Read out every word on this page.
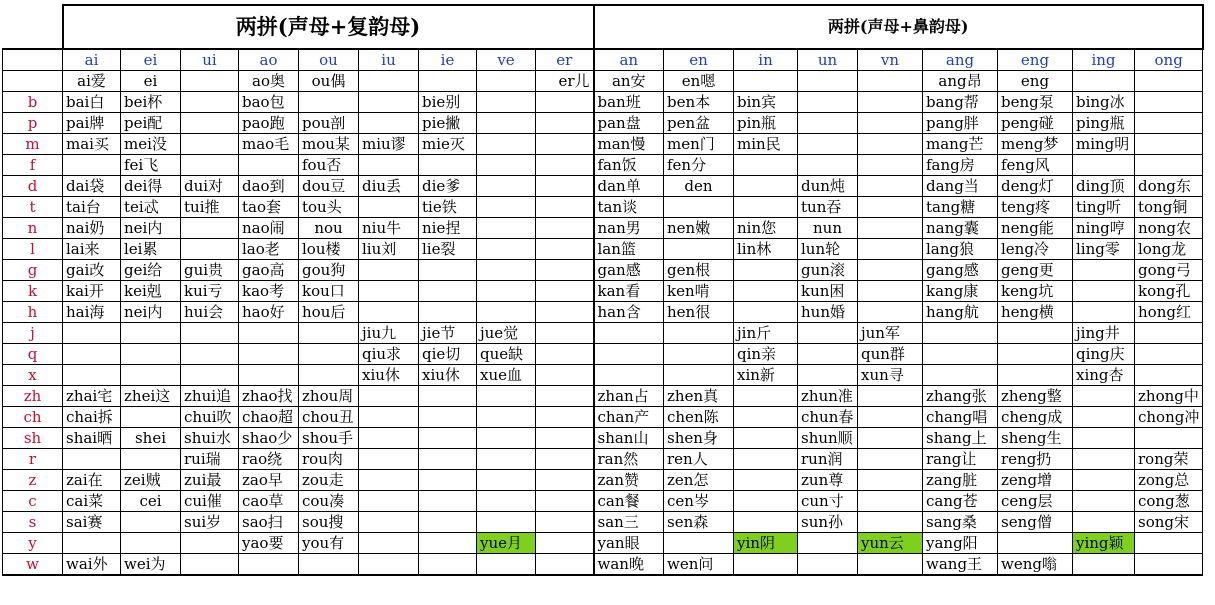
	两拼(声母+复韵母)									两拼(声母+鼻韵母)								
	ai	ei	ui	ao	ou	iu	ie	ve	er	an	en	in	un	vn	ang	eng	ing	ong
	ai爱	ei		ao奥	ou偶				er儿	an安	en嗯				ang昂	eng		
b	bai白	bei杯		bao包			bie别			ban班	ben本	bin宾			bang帮	beng泵	bing冰	
p	pai牌	pei配		pao跑	pou剖		pie撇			pan盘	pen盆	pin瓶			pang胖	peng碰	ping瓶	
m	mai买	mei没		mao毛	mou某	miu谬	mie灭			man慢	men门	min民			mang芒	meng梦	ming明	
f		fei飞			fou否					fan饭	fen分				fang房	feng风		
d	dai袋	dei得	dui对	dao到	dou豆	diu丢	die爹			dan单	den		dun炖		dang当	deng灯	ding顶	dong东
t	tai台	tei忒	tui推	tao套	tou头		tie铁			tan谈			tun吞		tang糖	teng疼	ting听	tong铜
n	nai奶	nei内		nao闹	nou	niu牛	nie捏			nan男	nen嫩	nin您	nun		nang囊	neng能	ning哼	nong农
l	lai来	lei累		lao老	lou楼	liu刘	lie裂			lan篮		lin林	lun轮		lang狼	leng冷	ling零	long龙
g	gai改	gei给	gui贵	gao高	gou狗					gan感	gen根		gun滚		gang感	geng更		gong弓
k	kai开	kei剋	kui亏	kao考	kou口					kan看	ken啃		kun困		kang康	keng坑		kong孔
h	hai海	nei内	hui会	hao好	hou后					han含	hen很		hun婚		hang航	heng横		hong红
j						jiu九	jie节	jue觉				jin斤		jun军			jing井	
q						qiu求	qie切	que缺				qin亲		qun群			qing庆	
x						xiu休	xiu休	xue血				xin新		xun寻			xing杏	
zh	zhai宅	zhei这	zhui追	zhao找	zhou周					zhan占	zhen真		zhun准		zhang张	zheng整		zhong中
ch	chai拆		chui吹	chao超	chou丑					chan产	chen陈		chun春		chang唱	cheng成		chong冲
sh	shai晒	shei	shui水	shao少	shou手					shan山	shen身		shun顺		shang上	sheng生		
r			rui瑞	rao绕	rou肉					ran然	ren人		run润		rang让	reng扔		rong荣
z	zai在	zei贼	zui最	zao早	zou走					zan赞	zen怎		zun尊		zang脏	zeng增		zong总
c	cai菜	cei	cui催	cao草	cou凑					can餐	cen岑		cun寸		cang苍	ceng层		cong葱
s	sai赛		sui岁	sao扫	sou搜					san三	sen森		sun孙		sang桑	seng僧		song宋
y				yao要	you有			yue月		yan眼		yin阴		yun云	yang阳		ying颖	
w	wai外	wei为								wan晚	wen问				wang王	weng嗡		
